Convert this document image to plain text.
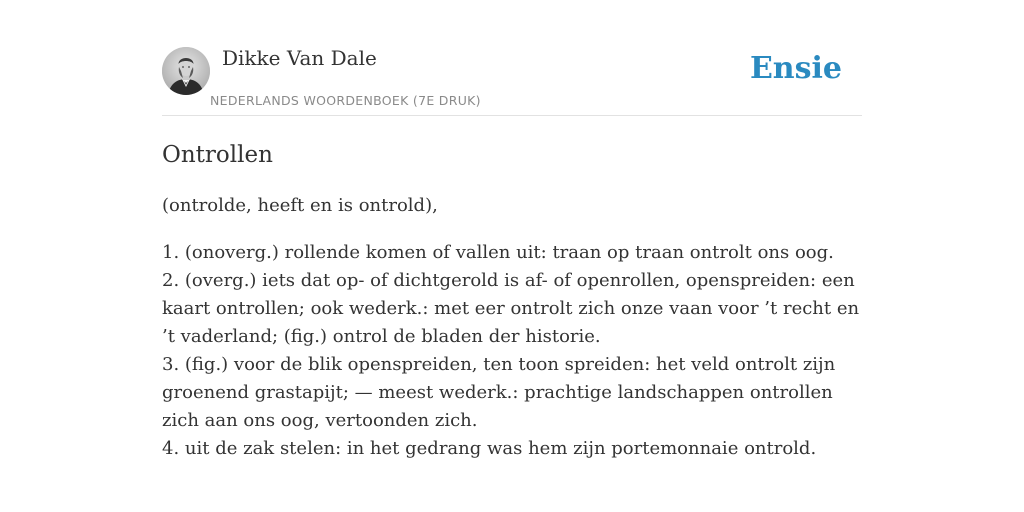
Dikke Van Dale
NEDERLANDS WOORDENBOEK (7E DRUK)
Ensie
Ontrollen

(ontrolde, heeft en is ontrold),

1. (onoverg.) rollende komen of vallen uit: traan op traan ontrolt ons oog.
2. (overg.) iets dat op- of dichtgerold is af- of openrollen, openspreiden: een kaart ontrollen; ook wederk.: met eer ontrolt zich onze vaan voor ’t recht en ’t vaderland; (fig.) ontrol de bladen der historie.
3. (fig.) voor de blik openspreiden, ten toon spreiden: het veld ontrolt zijn groenend grastapijt; — meest wederk.: prachtige landschappen ontrollen zich aan ons oog, vertoonden zich.
4. uit de zak stelen: in het gedrang was hem zijn portemonnaie ontrold.
